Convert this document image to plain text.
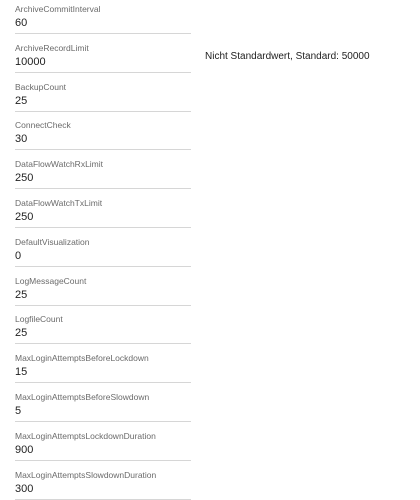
ArchiveCommitInterval
60
ArchiveRecordLimit
10000
BackupCount
25
ConnectCheck
30
DataFlowWatchRxLimit
250
DataFlowWatchTxLimit
250
DefaultVisualization
0
LogMessageCount
25
LogfileCount
25
MaxLoginAttemptsBeforeLockdown
15
MaxLoginAttemptsBeforeSlowdown
5
MaxLoginAttemptsLockdownDuration
900
MaxLoginAttemptsSlowdownDuration
300
Nicht Standardwert, Standard: 50000
